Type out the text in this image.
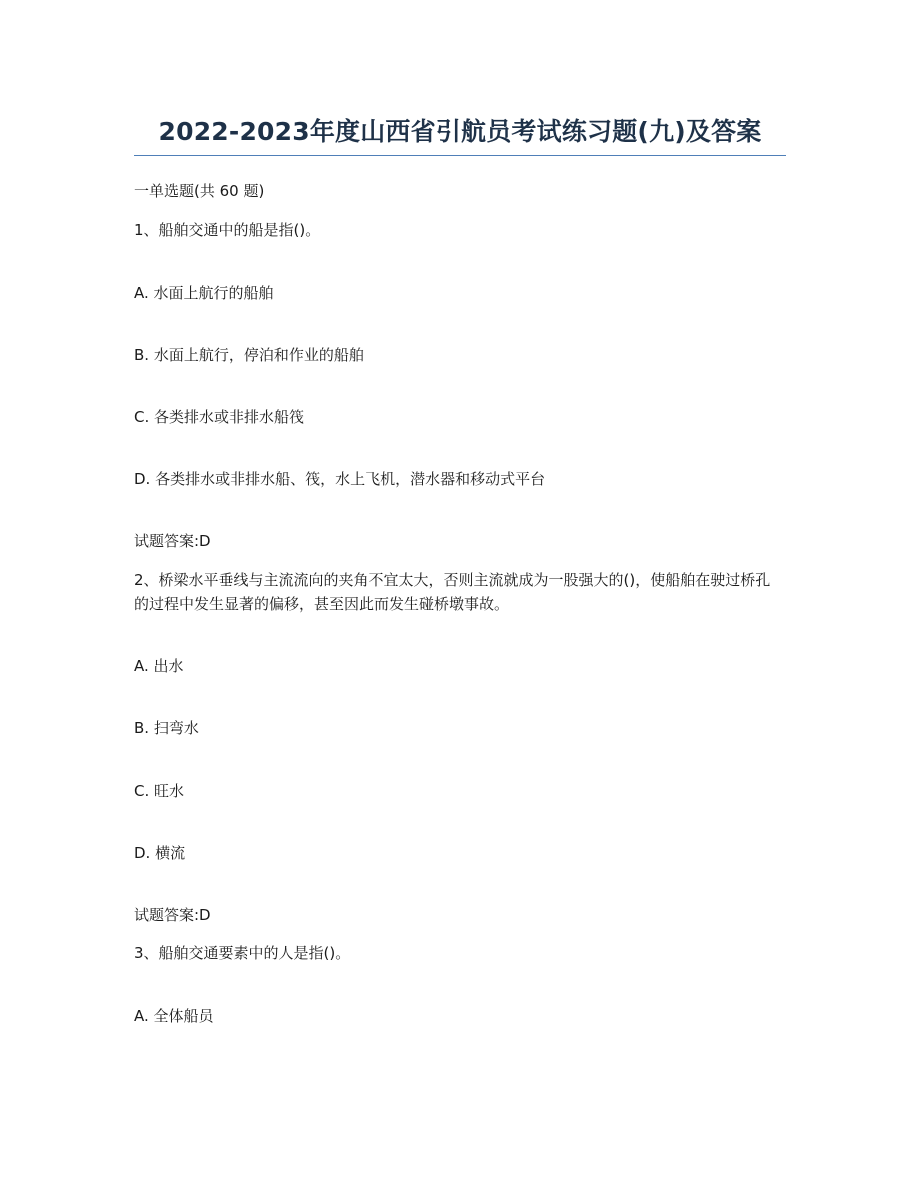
2022-2023年度山西省引航员考试练习题(九)及答案
一单选题(共 60 题)
1、船舶交通中的船是指()。
A. 水面上航行的船舶
B. 水面上航行，停泊和作业的船舶
C. 各类排水或非排水船筏
D. 各类排水或非排水船、筏，水上飞机，潜水器和移动式平台
试题答案:D
2、桥梁水平垂线与主流流向的夹角不宜太大，否则主流就成为一股强大的()，使船舶在驶过桥孔的过程中发生显著的偏移，甚至因此而发生碰桥墩事故。
A. 出水
B. 扫弯水
C. 旺水
D. 横流
试题答案:D
3、船舶交通要素中的人是指()。
A. 全体船员
